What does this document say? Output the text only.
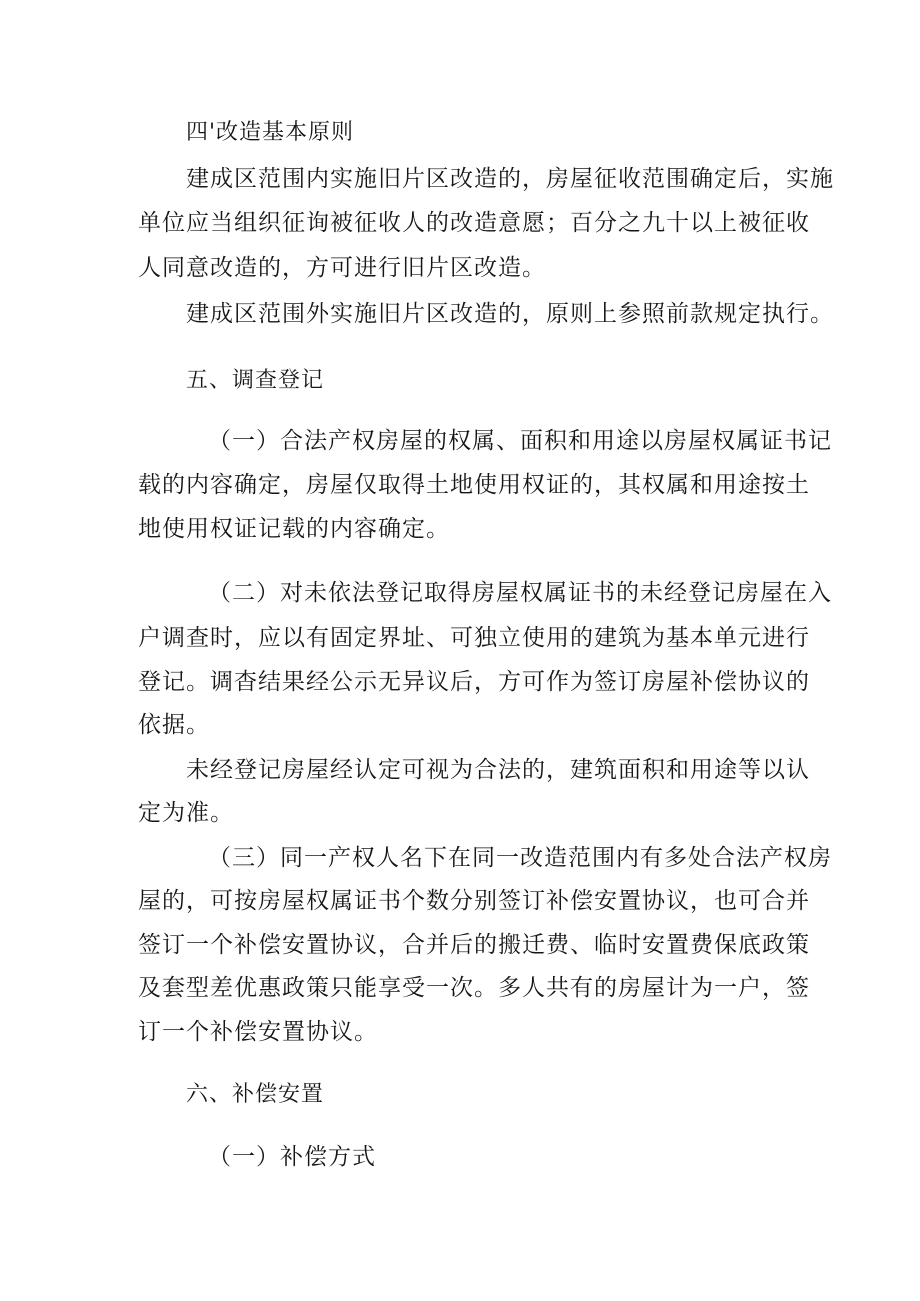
四'改造基本原则
建成区范围内实施旧片区改造的，房屋征收范围确定后，实施
单位应当组织征询被征收人的改造意愿；百分之九十以上被征收
人同意改造的，方可进行旧片区改造。
建成区范围外实施旧片区改造的，原则上参照前款规定执行。
五、调查登记
（一）合法产权房屋的权属、面积和用途以房屋权属证书记
载的内容确定，房屋仅取得土地使用权证的，其权属和用途按土
地使用权证记载的内容确定。
（二）对未依法登记取得房屋权属证书的未经登记房屋在入
户调查时，应以有固定界址、可独立使用的建筑为基本单元进行
登记。调杳结果经公示无异议后，方可作为签订房屋补偿协议的
依据。
未经登记房屋经认定可视为合法的，建筑面积和用途等以认
定为准。
（三）同一产权人名下在同一改造范围内有多处合法产权房
屋的，可按房屋权属证书个数分别签订补偿安置协议，也可合并
签订一个补偿安置协议，合并后的搬迁费、临时安置费保底政策
及套型差优惠政策只能享受一次。多人共有的房屋计为一户，签
订一个补偿安置协议。
六、补偿安置
（一）补偿方式
